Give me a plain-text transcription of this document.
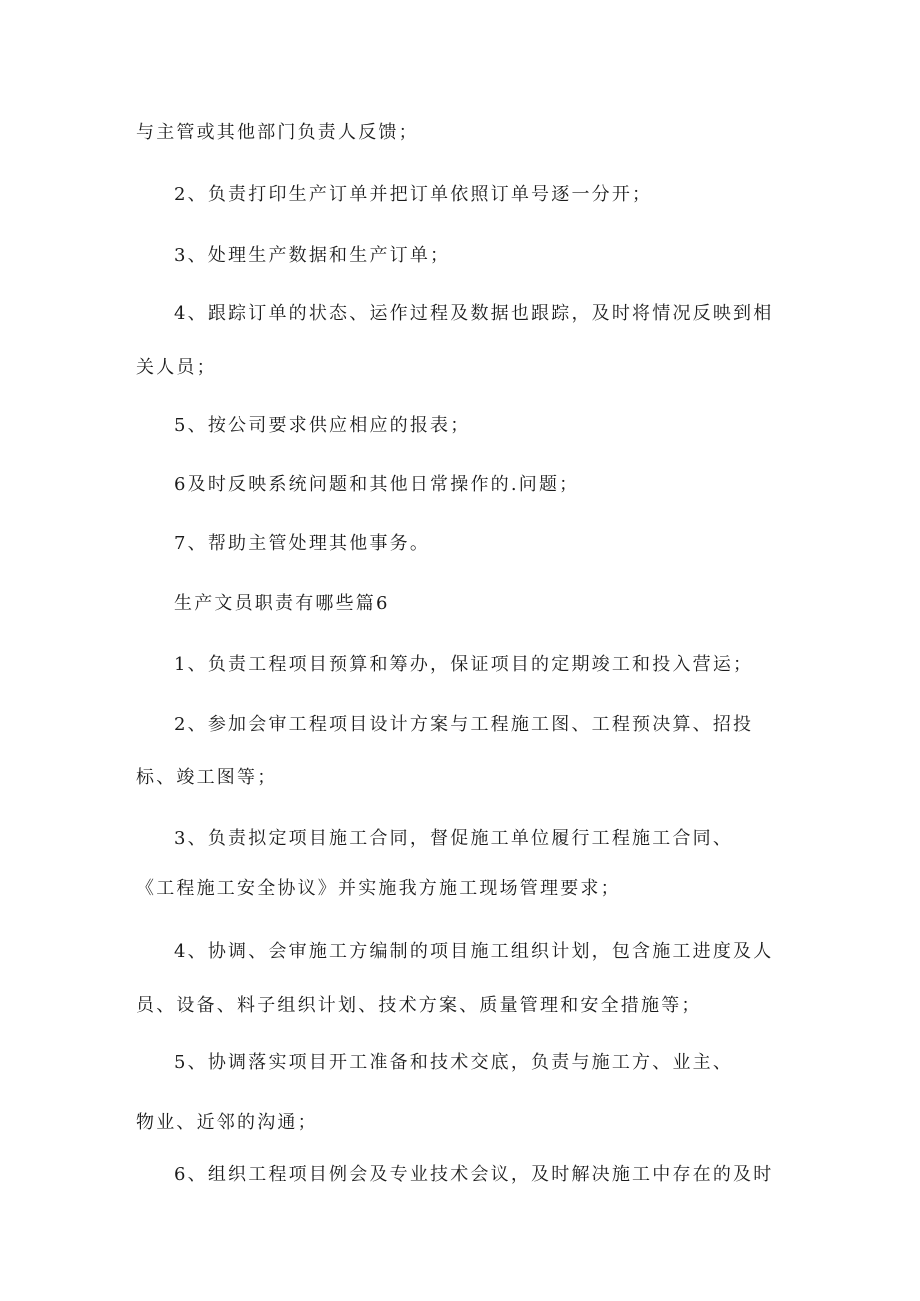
与主管或其他部门负责人反馈；
2、负责打印生产订单并把订单依照订单号逐一分开；
3、处理生产数据和生产订单；
4、跟踪订单的状态、运作过程及数据也跟踪，及时将情况反映到相
关人员；
5、按公司要求供应相应的报表；
6及时反映系统问题和其他日常操作的.问题；
7、帮助主管处理其他事务。
生产文员职责有哪些篇6
1、负责工程项目预算和筹办，保证项目的定期竣工和投入营运；
2、参加会审工程项目设计方案与工程施工图、工程预决算、招投
标、竣工图等；
3、负责拟定项目施工合同，督促施工单位履行工程施工合同、
《工程施工安全协议》并实施我方施工现场管理要求；
4、协调、会审施工方编制的项目施工组织计划，包含施工进度及人
员、设备、料子组织计划、技术方案、质量管理和安全措施等；
5、协调落实项目开工准备和技术交底，负责与施工方、业主、
物业、近邻的沟通；
6、组织工程项目例会及专业技术会议，及时解决施工中存在的及时
